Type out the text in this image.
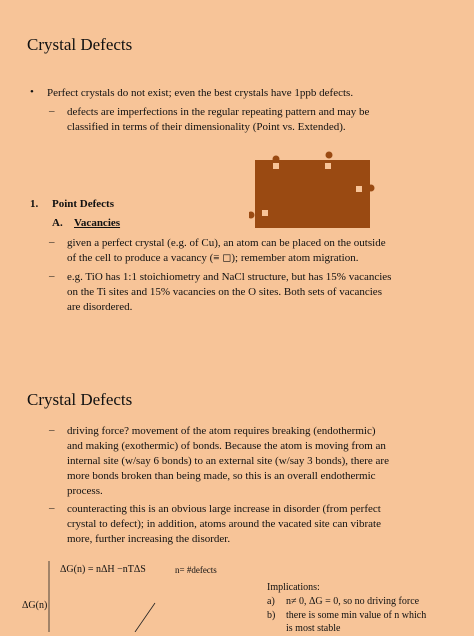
Crystal Defects
• Perfect crystals do not exist; even the best crystals have 1ppb defects.
– defects are imperfections in the regular repeating pattern and may be
classified in terms of their dimensionality (Point vs. Extended).
1. Point Defects
A. Vacancies
– given a perfect crystal (e.g. of Cu), an atom can be placed on the outside
of the cell to produce a vacancy (≡ ◻); remember atom migration.
– e.g. TiO has 1:1 stoichiometry and NaCl structure, but has 15% vacancies
on the Ti sites and 15% vacancies on the O sites. Both sets of vacancies
are disordered.
Crystal Defects
– driving force? movement of the atom requires breaking (endothermic)
and making (exothermic) of bonds. Because the atom is moving from an
internal site (w/say 6 bonds) to an external site (w/say 3 bonds), there are
more bonds broken than being made, so this is an overall endothermic
process.
– counteracting this is an obvious large increase in disorder (from perfect
crystal to defect); in addition, atoms around the vacated site can vibrate
more, further increasing the disorder.
ΔG(n) = nΔH −nTΔS	n= #defects
ΔG(n)
Implications:
a) n≠ 0, ΔG = 0, so no driving force
b) there is some min value of n which
is most stable
